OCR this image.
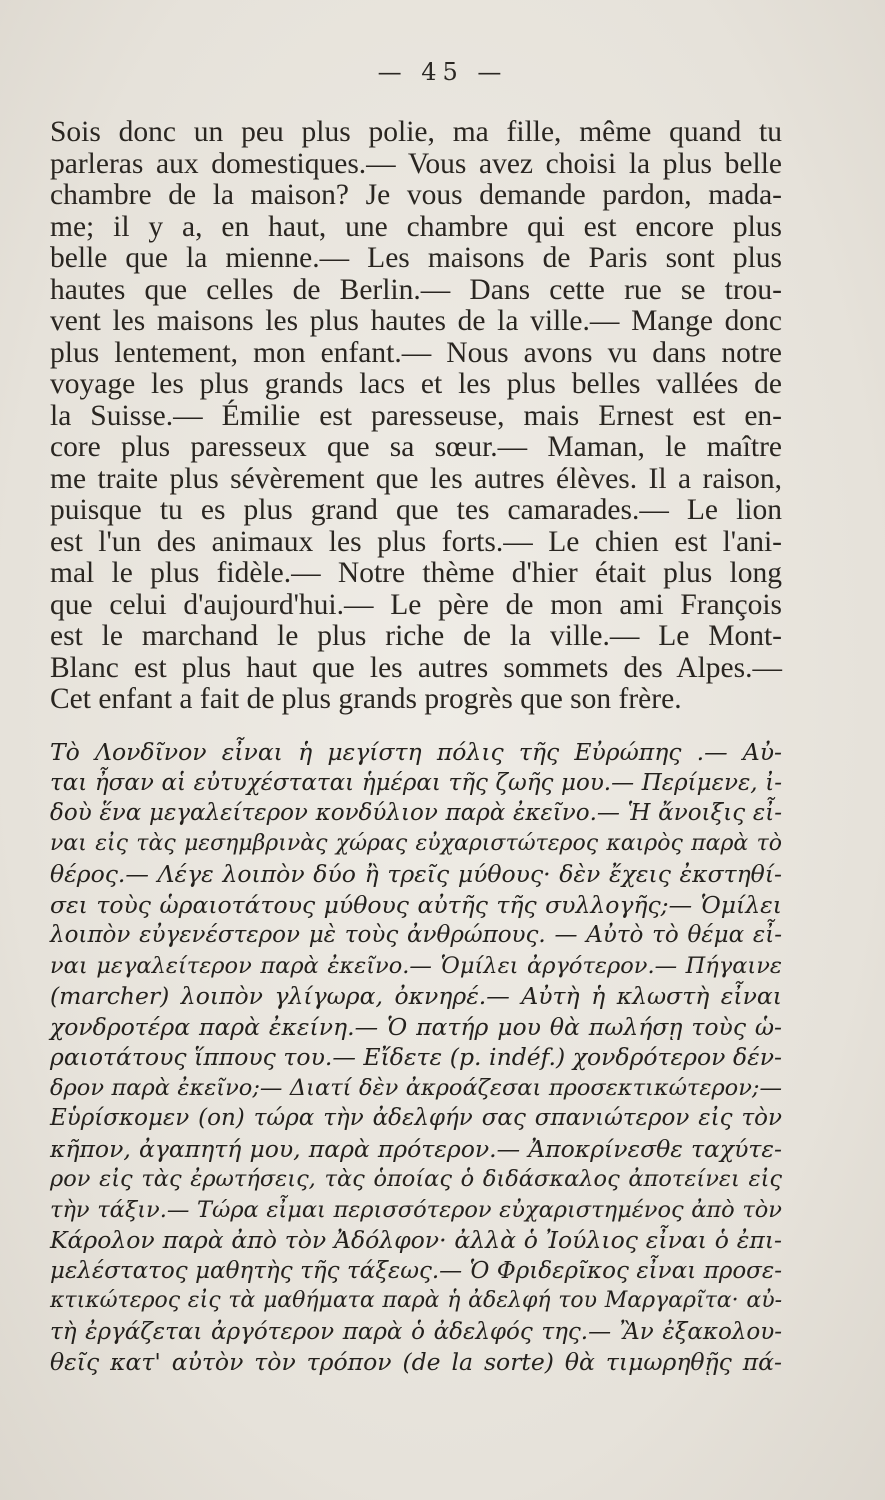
— 45 —
Sois donc un peu plus polie, ma fille, même quand tu
parleras aux domestiques.— Vous avez choisi la plus belle
chambre de la maison? Je vous demande pardon, mada-
me; il y a, en haut, une chambre qui est encore plus
belle que la mienne.— Les maisons de Paris sont plus
hautes que celles de Berlin.— Dans cette rue se trou-
vent les maisons les plus hautes de la ville.— Mange donc
plus lentement, mon enfant.— Nous avons vu dans notre
voyage les plus grands lacs et les plus belles vallées de
la Suisse.— Émilie est paresseuse, mais Ernest est en-
core plus paresseux que sa sœur.— Maman, le maître
me traite plus sévèrement que les autres élèves. Il a raison,
puisque tu es plus grand que tes camarades.— Le lion
est l'un des animaux les plus forts.— Le chien est l'ani-
mal le plus fidèle.— Notre thème d'hier était plus long
que celui d'aujourd'hui.— Le père de mon ami François
est le marchand le plus riche de la ville.— Le Mont-
Blanc est plus haut que les autres sommets des Alpes.—
Cet enfant a fait de plus grands progrès que son frère.
Τὸ Λονδῖνον εἶναι ἡ μεγίστη πόλις τῆς Εὐρώπης .— Αὐ-
ται ἦσαν αἱ εὐτυχέσταται ἡμέραι τῆς ζωῆς μου.— Περίμενε, ἰ-
δοὺ ἕνα μεγαλείτερον κονδύλιον παρὰ ἐκεῖνο.— Ἡ ἄνοιξις εἶ-
ναι εἰς τὰς μεσημβρινὰς χώρας εὐχαριστώτερος καιρὸς παρὰ τὸ
θέρος.— Λέγε λοιπὸν δύο ἢ τρεῖς μύθους· δὲν ἔχεις ἐκστηθί-
σει τοὺς ὡραιοτάτους μύθους αὐτῆς τῆς συλλογῆς;— Ὁμίλει
λοιπὸν εὐγενέστερον μὲ τοὺς ἀνθρώπους. — Αὐτὸ τὸ θέμα εἶ-
ναι μεγαλείτερον παρὰ ἐκεῖνο.— Ὁμίλει ἀργότερον.— Πήγαινε
(marcher) λοιπὸν γλίγωρα, ὀκνηρέ.— Αὐτὴ ἡ κλωστὴ εἶναι
χονδροτέρα παρὰ ἐκείνη.— Ὁ πατήρ μου θὰ πωλήσῃ τοὺς ὡ-
ραιοτάτους ἵππους του.— Εἴδετε (p. indéf.) χονδρότερον δέν-
δρον παρὰ ἐκεῖνο;— Διατί δὲν ἀκροάζεσαι προσεκτικώτερον;—
Εὑρίσκομεν (on) τώρα τὴν ἀδελφήν σας σπανιώτερον εἰς τὸν
κῆπον, ἀγαπητή μου, παρὰ πρότερον.— Ἀποκρίνεσθε ταχύτε-
ρον εἰς τὰς ἐρωτήσεις, τὰς ὁποίας ὁ διδάσκαλος ἀποτείνει εἰς
τὴν τάξιν.— Τώρα εἶμαι περισσότερον εὐχαριστημένος ἀπὸ τὸν
Κάρολον παρὰ ἀπὸ τὸν Ἀδόλφον· ἀλλὰ ὁ Ἰούλιος εἶναι ὁ ἐπι-
μελέστατος μαθητὴς τῆς τάξεως.— Ὁ Φριδερῖκος εἶναι προσε-
κτικώτερος εἰς τὰ μαθήματα παρὰ ἡ ἀδελφή του Μαργαρῖτα· αὐ-
τὴ ἐργάζεται ἀργότερον παρὰ ὁ ἀδελφός της.— Ἂν ἐξακολου-
θεῖς κατ' αὐτὸν τὸν τρόπον (de la sorte) θὰ τιμωρηθῇς πά-
